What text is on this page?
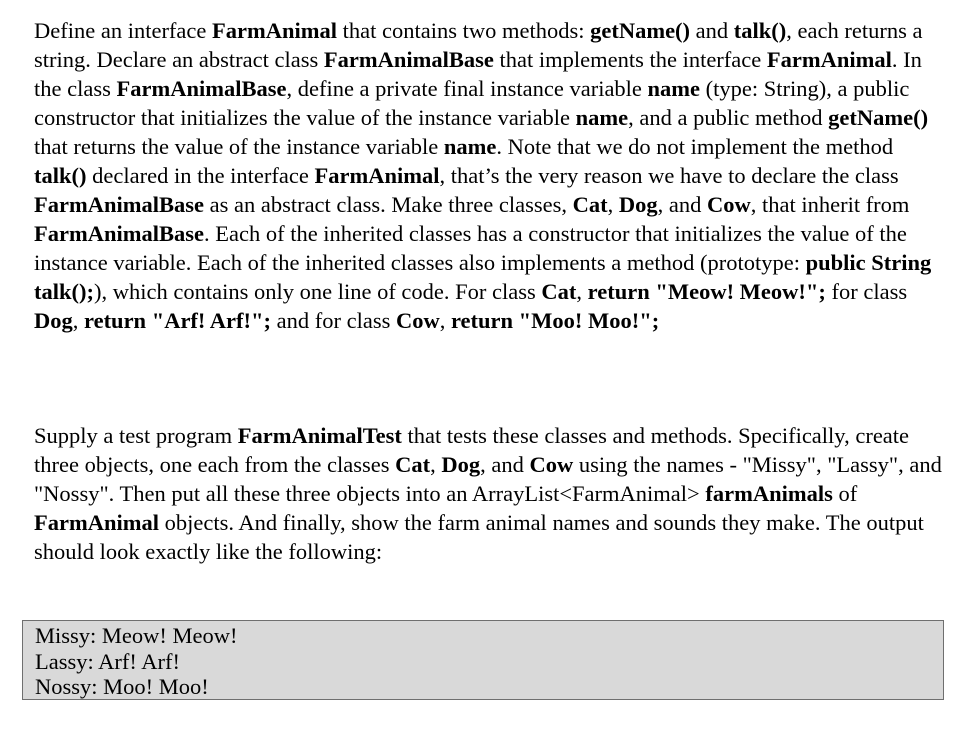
Define an interface FarmAnimal that contains two methods: getName() and talk(), each returns a string. Declare an abstract class FarmAnimalBase that implements the interface FarmAnimal. In the class FarmAnimalBase, define a private final instance variable name (type: String), a public constructor that initializes the value of the instance variable name, and a public method getName() that returns the value of the instance variable name. Note that we do not implement the method talk() declared in the interface FarmAnimal, that’s the very reason we have to declare the class FarmAnimalBase as an abstract class. Make three classes, Cat, Dog, and Cow, that inherit from FarmAnimalBase. Each of the inherited classes has a constructor that initializes the value of the instance variable. Each of the inherited classes also implements a method (prototype: public String talk();), which contains only one line of code. For class Cat, return "Meow! Meow!"; for class Dog, return "Arf! Arf!"; and for class Cow, return "Moo! Moo!";

Supply a test program FarmAnimalTest that tests these classes and methods. Specifically, create three objects, one each from the classes Cat, Dog, and Cow using the names - "Missy", "Lassy", and "Nossy". Then put all these three objects into an ArrayList<FarmAnimal> farmAnimals of FarmAnimal objects. And finally, show the farm animal names and sounds they make. The output should look exactly like the following:

Missy: Meow! Meow!
Lassy: Arf! Arf!
Nossy: Moo! Moo!
